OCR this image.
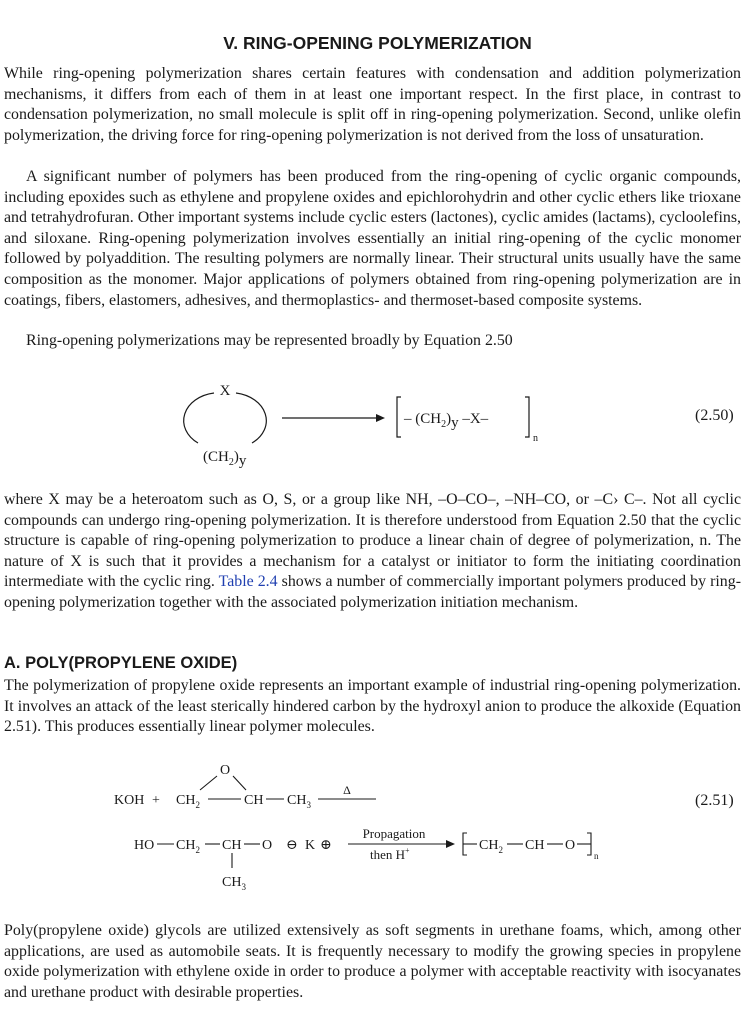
V. RING-OPENING POLYMERIZATION

While ring-opening polymerization shares certain features with condensation and addition polymerization mechanisms, it differs from each of them in at least one important respect. In the first place, in contrast to condensation polymerization, no small molecule is split off in ring-opening polymerization. Second, unlike olefin polymerization, the driving force for ring-opening polymerization is not derived from the loss of unsaturation.

A significant number of polymers has been produced from the ring-opening of cyclic organic compounds, including epoxides such as ethylene and propylene oxides and epichlorohydrin and other cyclic ethers like trioxane and tetrahydrofuran. Other important systems include cyclic esters (lactones), cyclic amides (lactams), cycloolefins, and siloxane. Ring-opening polymerization involves essentially an initial ring-opening of the cyclic monomer followed by polyaddition. The resulting polymers are normally linear. Their structural units usually have the same composition as the monomer. Major applications of polymers obtained from ring-opening polymerization are in coatings, fibers, elastomers, adhesives, and thermoplastics- and thermoset-based composite systems.

Ring-opening polymerizations may be represented broadly by Equation 2.50

X
$(CH_2)y$
– $(CH_2)y$ –X–
n
(2.50)

where X may be a heteroatom such as O, S, or a group like NH, –O–CO–, –NH–CO, or –C› C–. Not all cyclic compounds can undergo ring-opening polymerization. It is therefore understood from Equation 2.50 that the cyclic structure is capable of ring-opening polymerization to produce a linear chain of degree of polymerization, n. The nature of X is such that it provides a mechanism for a catalyst or initiator to form the initiating coordination intermediate with the cyclic ring. Table 2.4 shows a number of commercially important polymers produced by ring-opening polymerization together with the associated polymerization initiation mechanism.

A. POLY(PROPYLENE OXIDE)

The polymerization of propylene oxide represents an important example of industrial ring-opening polymerization. It involves an attack of the least sterically hindered carbon by the hydroxyl anion to produce the alkoxide (Equation 2.51). This produces essentially linear polymer molecules.

KOH + $CH_2$
O
CH $CH_3$
Δ
HO $CH_2$ CH O ⊖ K ⊕
$CH_3$
Propagation
then H+	$CH_2$ CH O
n
(2.51)

Poly(propylene oxide) glycols are utilized extensively as soft segments in urethane foams, which, among other applications, are used as automobile seats. It is frequently necessary to modify the growing species in propylene oxide polymerization with ethylene oxide in order to produce a polymer with acceptable reactivity with isocyanates and urethane product with desirable properties.
